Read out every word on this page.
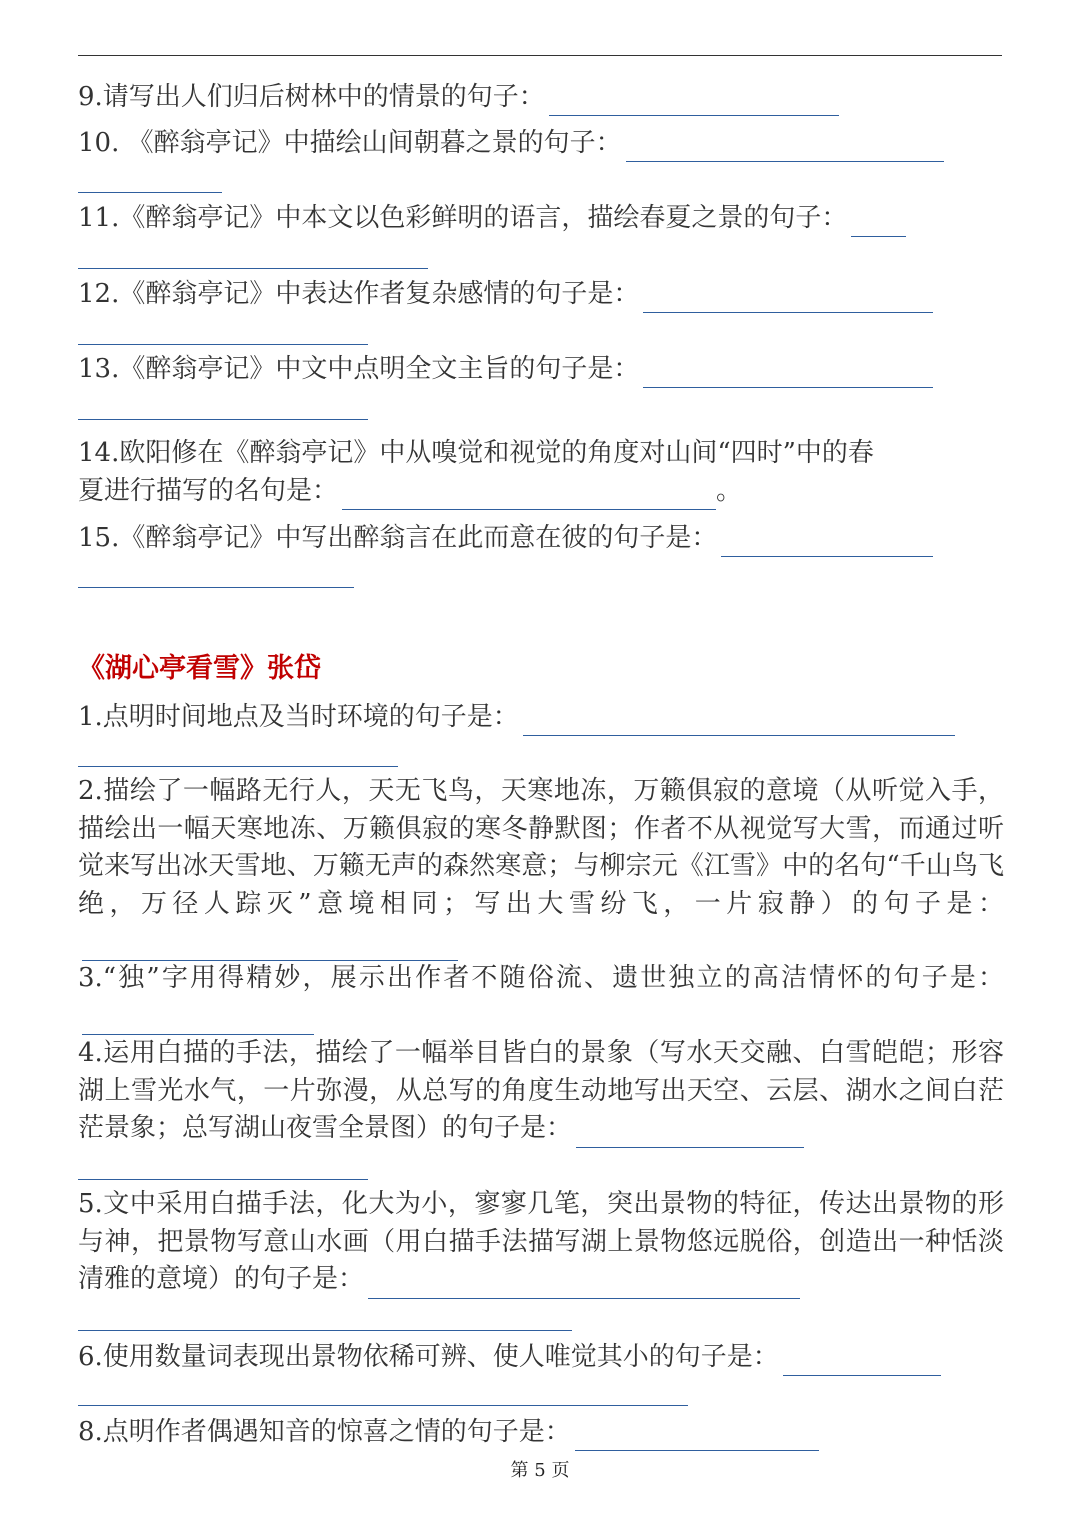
9.请写出人们归后树林中的情景的句子：
10. 《醉翁亭记》中描绘山间朝暮之景的句子：
11.《醉翁亭记》中本文以色彩鲜明的语言，描绘春夏之景的句子：
12.《醉翁亭记》中表达作者复杂感情的句子是：
13.《醉翁亭记》中文中点明全文主旨的句子是：
14.欧阳修在《醉翁亭记》中从嗅觉和视觉的角度对山间“四时”中的春
夏进行描写的名句是：	。
15.《醉翁亭记》中写出醉翁言在此而意在彼的句子是：
《湖心亭看雪》张岱
1.点明时间地点及当时环境的句子是：
2.描绘了一幅路无行人，天无飞鸟，天寒地冻，万籁俱寂的意境（从听觉入手，描绘出一幅天寒地冻、万籁俱寂的寒冬静默图；作者不从视觉写大雪，而通过听觉来写出冰天雪地、万籁无声的森然寒意；与柳宗元《江雪》中的名句“千山鸟飞绝，万径人踪灭”意境相同；写出大雪纷飞，一片寂静）的句子是：
3.“独”字用得精妙，展示出作者不随俗流、遗世独立的高洁情怀的句子是：
4.运用白描的手法，描绘了一幅举目皆白的景象（写水天交融、白雪皑皑；形容湖上雪光水气，一片弥漫，从总写的角度生动地写出天空、云层、湖水之间白茫茫景象；总写湖山夜雪全景图）的句子是：
5.文中采用白描手法，化大为小，寥寥几笔，突出景物的特征，传达出景物的形与神，把景物写意山水画（用白描手法描写湖上景物悠远脱俗，创造出一种恬淡清雅的意境）的句子是：
6.使用数量词表现出景物依稀可辨、使人唯觉其小的句子是：
8.点明作者偶遇知音的惊喜之情的句子是：
第 5 页
